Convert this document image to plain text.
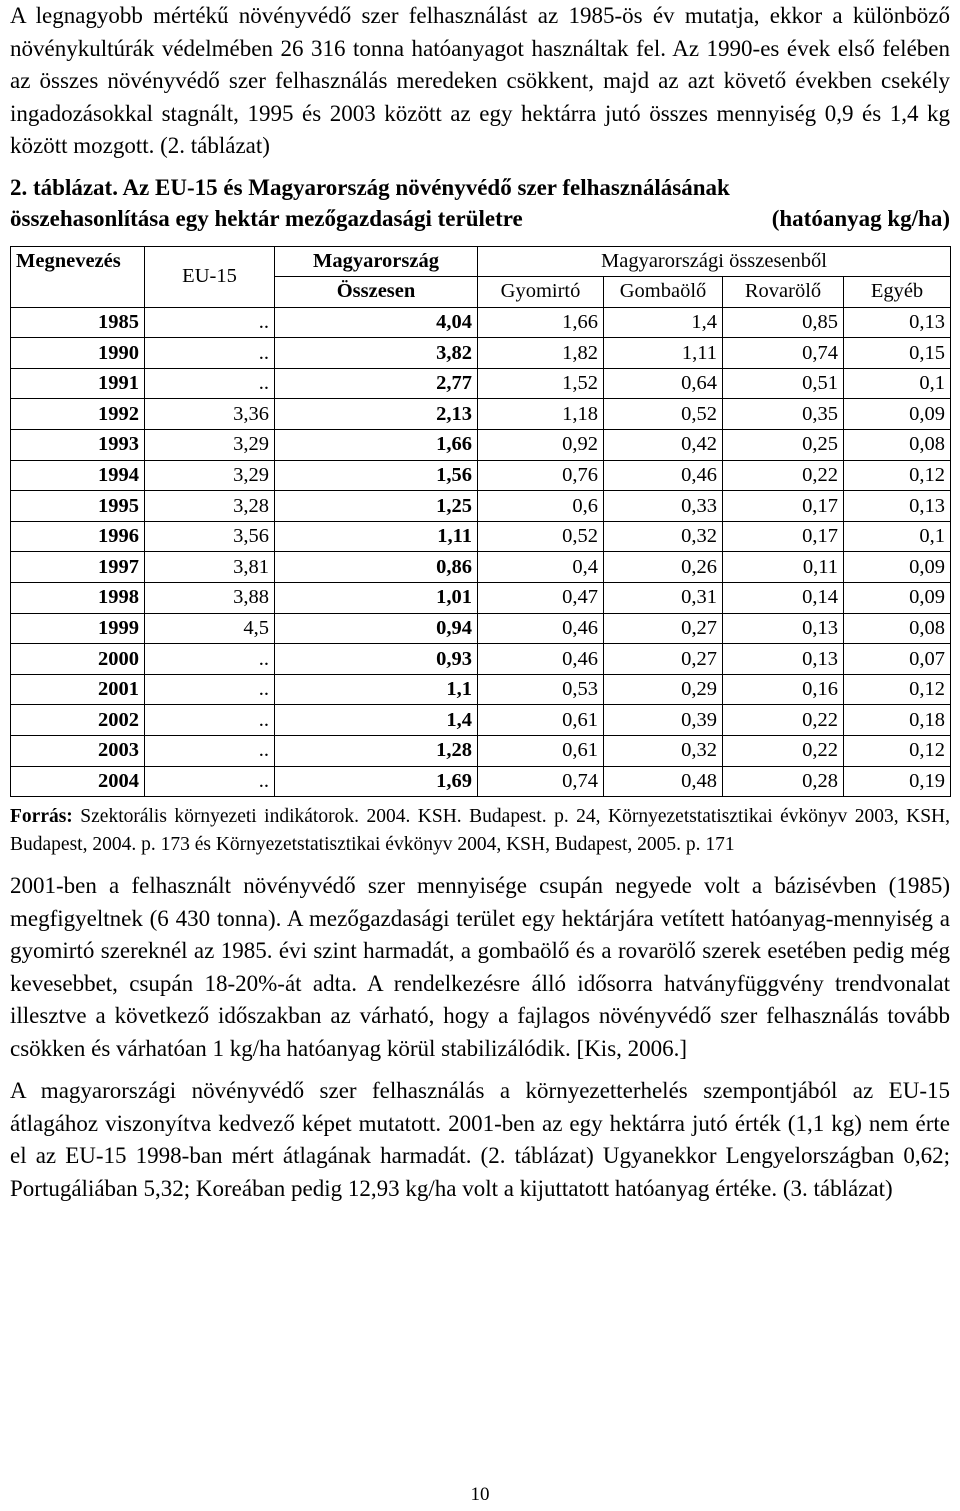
A legnagyobb mértékű növényvédő szer felhasználást az 1985-ös év mutatja, ekkor a különböző növénykultúrák védelmében 26 316 tonna hatóanyagot használtak fel. Az 1990-es évek első felében az összes növényvédő szer felhasználás meredeken csökkent, majd az azt követő években csekély ingadozásokkal stagnált, 1995 és 2003 között az egy hektárra jutó összes mennyiség 0,9 és 1,4 kg között mozgott. (2. táblázat)

2. táblázat. Az EU-15 és Magyarország növényvédő szer felhasználásának
összehasonlítása egy hektár mezőgazdasági területre	(hatóanyag kg/ha)
Megnevezés	EU-15	Magyarország	Magyarországi összesenből			
		Összesen	Gyomirtó	Gombaölő	Rovarölő	Egyéb
1985	..	4,04	1,66	1,4	0,85	0,13
1990	..	3,82	1,82	1,11	0,74	0,15
1991	..	2,77	1,52	0,64	0,51	0,1
1992	3,36	2,13	1,18	0,52	0,35	0,09
1993	3,29	1,66	0,92	0,42	0,25	0,08
1994	3,29	1,56	0,76	0,46	0,22	0,12
1995	3,28	1,25	0,6	0,33	0,17	0,13
1996	3,56	1,11	0,52	0,32	0,17	0,1
1997	3,81	0,86	0,4	0,26	0,11	0,09
1998	3,88	1,01	0,47	0,31	0,14	0,09
1999	4,5	0,94	0,46	0,27	0,13	0,08
2000	..	0,93	0,46	0,27	0,13	0,07
2001	..	1,1	0,53	0,29	0,16	0,12
2002	..	1,4	0,61	0,39	0,22	0,18
2003	..	1,28	0,61	0,32	0,22	0,12
2004	..	1,69	0,74	0,48	0,28	0,19
Forrás: Szektorális környezeti indikátorok. 2004. KSH. Budapest. p. 24, Környezetstatisztikai évkönyv 2003, KSH, Budapest, 2004. p. 173 és Környezetstatisztikai évkönyv 2004, KSH, Budapest, 2005. p. 171

2001-ben a felhasznált növényvédő szer mennyisége csupán negyede volt a bázisévben (1985) megfigyeltnek (6 430 tonna). A mezőgazdasági terület egy hektárjára vetített hatóanyag-mennyiség a gyomirtó szereknél az 1985. évi szint harmadát, a gombaölő és a rovarölő szerek esetében pedig még kevesebbet, csupán 18-20%-át adta. A rendelkezésre álló idősorra hatványfüggvény trendvonalat illesztve a következő időszakban az várható, hogy a fajlagos növényvédő szer felhasználás tovább csökken és várhatóan 1 kg/ha hatóanyag körül stabilizálódik. [Kis, 2006.]

A magyarországi növényvédő szer felhasználás a környezetterhelés szempontjából az EU-15 átlagához viszonyítva kedvező képet mutatott. 2001-ben az egy hektárra jutó érték (1,1 kg) nem érte el az EU-15 1998-ban mért átlagának harmadát. (2. táblázat) Ugyanekkor Lengyelországban 0,62; Portugáliában 5,32; Koreában pedig 12,93 kg/ha volt a kijuttatott hatóanyag értéke. (3. táblázat)

10
